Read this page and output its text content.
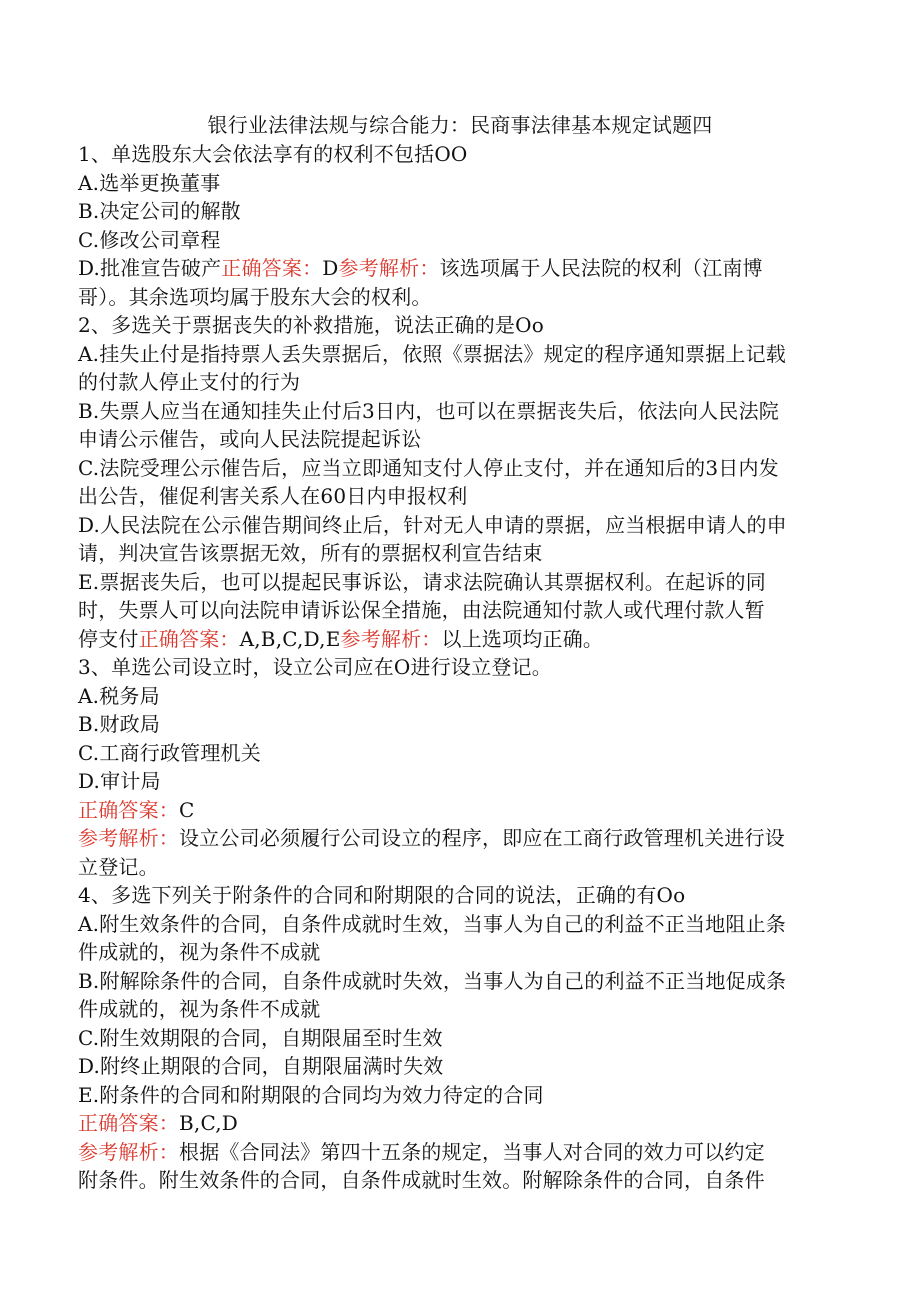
银行业法律法规与综合能力：民商事法律基本规定试题四
1、单选股东大会依法享有的权利不包括OO
A.选举更换董事
B.决定公司的解散
C.修改公司章程
D.批准宣告破产正确答案：D参考解析：该选项属于人民法院的权利（江南博
哥）。其余选项均属于股东大会的权利。
2、多选关于票据丧失的补救措施，说法正确的是Oo
A.挂失止付是指持票人丢失票据后，依照《票据法》规定的程序通知票据上记载
的付款人停止支付的行为
B.失票人应当在通知挂失止付后3日内，也可以在票据丧失后，依法向人民法院
申请公示催告，或向人民法院提起诉讼
C.法院受理公示催告后，应当立即通知支付人停止支付，并在通知后的3日内发
出公告，催促利害关系人在60日内申报权利
D.人民法院在公示催告期间终止后，针对无人申请的票据，应当根据申请人的申
请，判决宣告该票据无效，所有的票据权利宣告结束
E.票据丧失后，也可以提起民事诉讼，请求法院确认其票据权利。在起诉的同
时，失票人可以向法院申请诉讼保全措施，由法院通知付款人或代理付款人暂
停支付正确答案：A,B,C,D,E参考解析：以上选项均正确。
3、单选公司设立时，设立公司应在O进行设立登记。
A.税务局
B.财政局
C.工商行政管理机关
D.审计局
正确答案：C
参考解析：设立公司必须履行公司设立的程序，即应在工商行政管理机关进行设
立登记。
4、多选下列关于附条件的合同和附期限的合同的说法，正确的有Oo
A.附生效条件的合同，自条件成就时生效，当事人为自己的利益不正当地阻止条
件成就的，视为条件不成就
B.附解除条件的合同，自条件成就时失效，当事人为自己的利益不正当地促成条
件成就的，视为条件不成就
C.附生效期限的合同，自期限届至时生效
D.附终止期限的合同，自期限届满时失效
E.附条件的合同和附期限的合同均为效力待定的合同
正确答案：B,C,D
参考解析：根据《合同法》第四十五条的规定，当事人对合同的效力可以约定
附条件。附生效条件的合同，自条件成就时生效。附解除条件的合同，自条件
